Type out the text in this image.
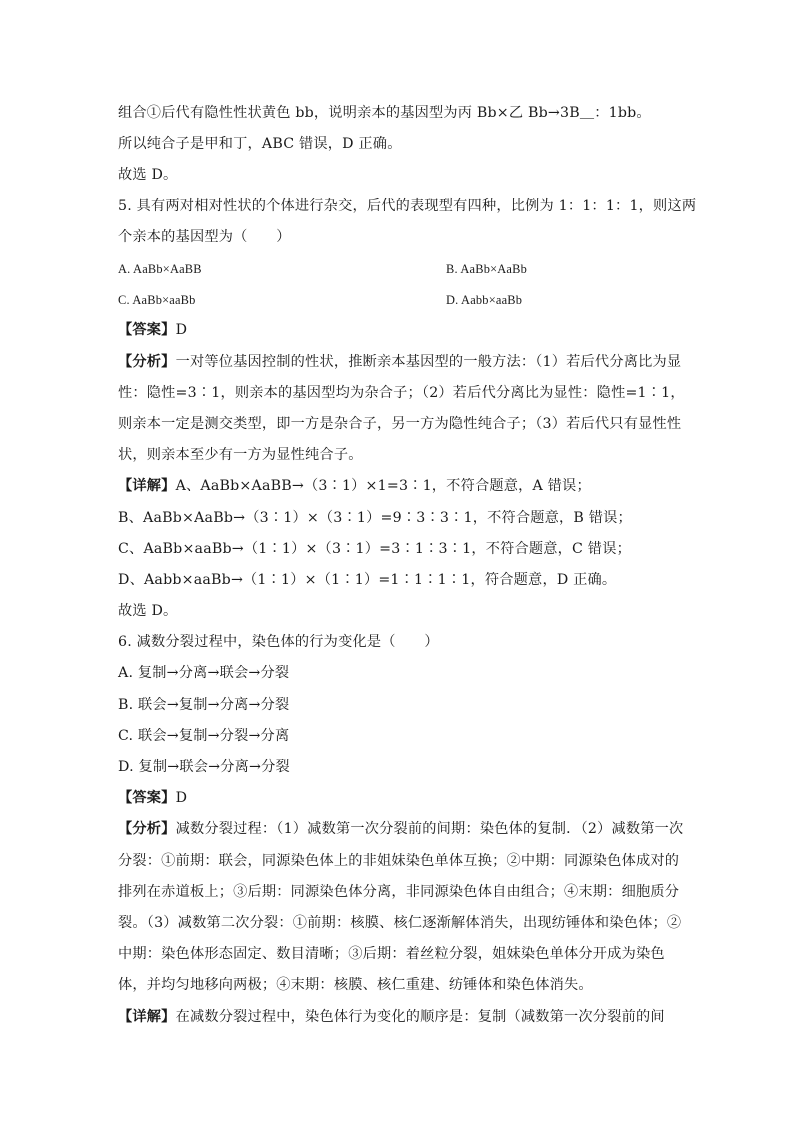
组合①后代有隐性性状黄色 bb，说明亲本的基因型为丙 Bb×乙 Bb→3B＿：1bb。
所以纯合子是甲和丁，ABC 错误，D 正确。
故选 D。
5. 具有两对相对性状的个体进行杂交，后代的表现型有四种，比例为 1：1：1：1，则这两
个亲本的基因型为（　　）
A. AaBb×AaBB	B. AaBb×AaBb
C. AaBb×aaBb	D. Aabb×aaBb
【答案】D
【分析】一对等位基因控制的性状，推断亲本基因型的一般方法：（1）若后代分离比为显
性：隐性=3∶1，则亲本的基因型均为杂合子；（2）若后代分离比为显性：隐性=1∶1，
则亲本一定是测交类型，即一方是杂合子，另一方为隐性纯合子；（3）若后代只有显性性
状，则亲本至少有一方为显性纯合子。
【详解】A、AaBb×AaBB→（3∶1）×1=3∶1，不符合题意，A 错误；
B、AaBb×AaBb→（3∶1）×（3∶1）=9∶3∶3∶1，不符合题意，B 错误；
C、AaBb×aaBb→（1∶1）×（3∶1）=3∶1∶3∶1，不符合题意，C 错误；
D、Aabb×aaBb→（1∶1）×（1∶1）=1∶1∶1∶1，符合题意，D 正确。
故选 D。
6. 减数分裂过程中，染色体的行为变化是（　　）
A. 复制→分离→联会→分裂
B. 联会→复制→分离→分裂
C. 联会→复制→分裂→分离
D. 复制→联会→分离→分裂
【答案】D
【分析】减数分裂过程：（1）减数第一次分裂前的间期：染色体的复制．（2）减数第一次
分裂：①前期：联会，同源染色体上的非姐妹染色单体互换；②中期：同源染色体成对的
排列在赤道板上；③后期：同源染色体分离，非同源染色体自由组合；④末期：细胞质分
裂。（3）减数第二次分裂：①前期：核膜、核仁逐渐解体消失，出现纺锤体和染色体；②
中期：染色体形态固定、数目清晰；③后期：着丝粒分裂，姐妹染色单体分开成为染色
体，并均匀地移向两极；④末期：核膜、核仁重建、纺锤体和染色体消失。
【详解】在减数分裂过程中，染色体行为变化的顺序是：复制（减数第一次分裂前的间
